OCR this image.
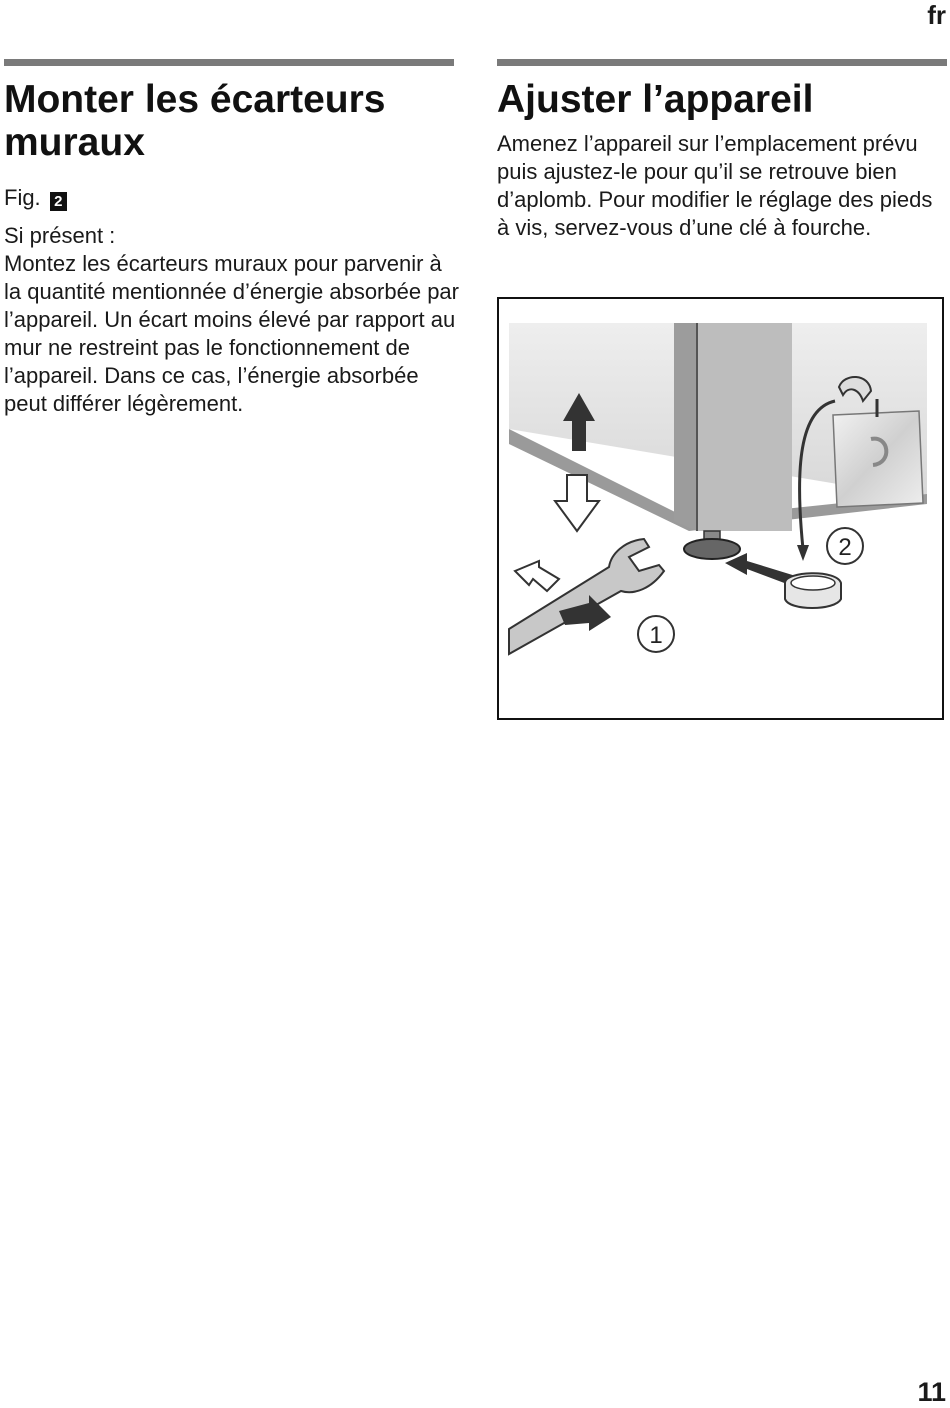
fr
Monter les écarteurs muraux
Fig. 2

Si présent :

Montez les écarteurs muraux pour parvenir à la quantité mentionnée d’énergie absorbée par l’appareil. Un écart moins élevé par rapport au mur ne restreint pas le fonctionnement de l’appareil. Dans ce cas, l’énergie absorbée peut différer légèrement.

Ajuster l’appareil

Amenez l’appareil sur l’emplacement prévu puis ajustez-le pour qu’il se retrouve bien d’aplomb. Pour modifier le réglage des pieds à vis, servez-vous d’une clé à fourche.

2
1
11
